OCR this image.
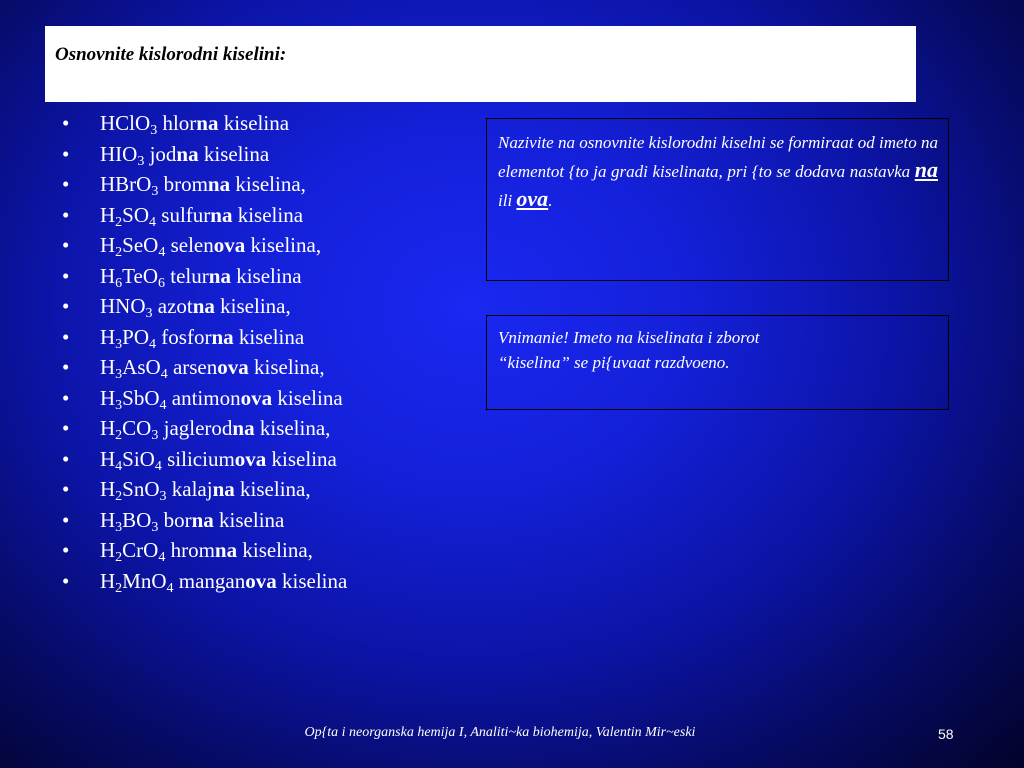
Osnovnite kislorodni kiselini:
• HClO$_3$ hlorna kiselina
• $HIO_3$ jodna kiselina
• HBrO$_3$ bromna kiselina,
• $H_2SO_4$ sulfurna kiselina
• $H_2SeO_4$ selenova kiselina,
• $H_6TeO_6$ telurna kiselina
• $HNO_3$ azotna kiselina,
• $H_3PO_4$ fosforna kiselina
• $H_3AsO_4$ arsenova kiselina,
• $H_3SbO_4$ antimonova kiselina
• $H_2CO_3$ jaglerodna kiselina,
• $H_4SiO_4$ siliciumova kiselina
• $H_2SnO_3$ kalajna kiselina,
• $H_3BO_3$ borna kiselina
• $H_2CrO_4$ hromna kiselina,
• $H_2MnO_4$ manganova kiselina

Nazivite na osnovnite kislorodni kiselni se formiraat od imeto na elementot {to ja gradi kiselinata, pri {to se dodava nastavka na ili ova.

Vnimanie! Imeto na kiselinata i zborot
“kiselina” se pi{uvaat razdvoeno.

Op{ta i neorganska hemija I, Analiti~ka biohemija, Valentin Mir~eski	58
